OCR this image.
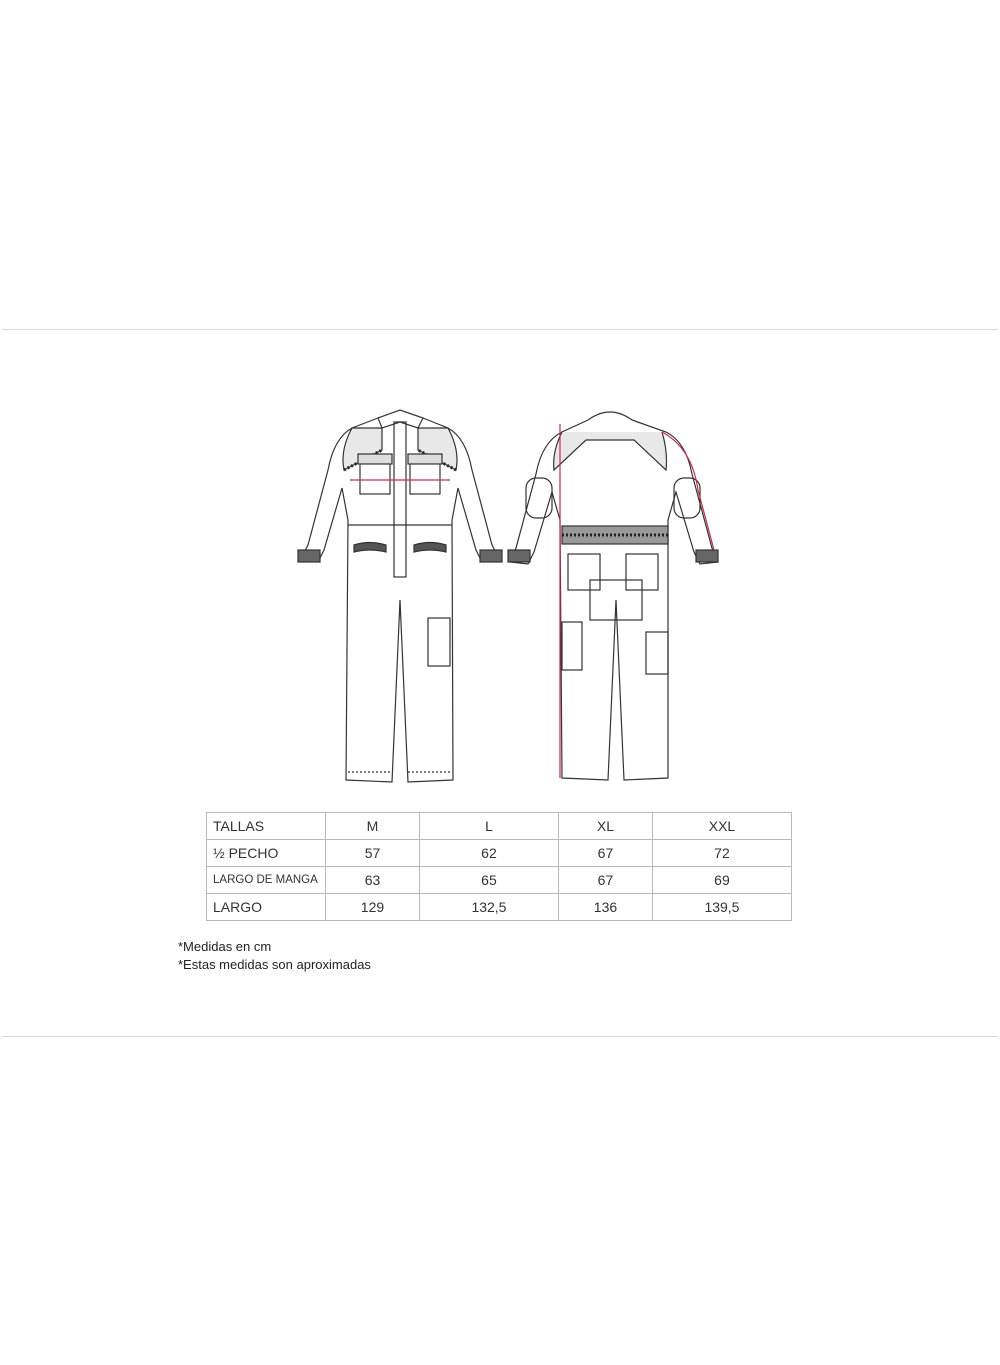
TALLAS	M	L	XL	XXL
½ PECHO	57	62	67	72
LARGO DE MANGA	63	65	67	69
LARGO	129	132,5	136	139,5
*Medidas en cm
*Estas medidas son aproximadas
